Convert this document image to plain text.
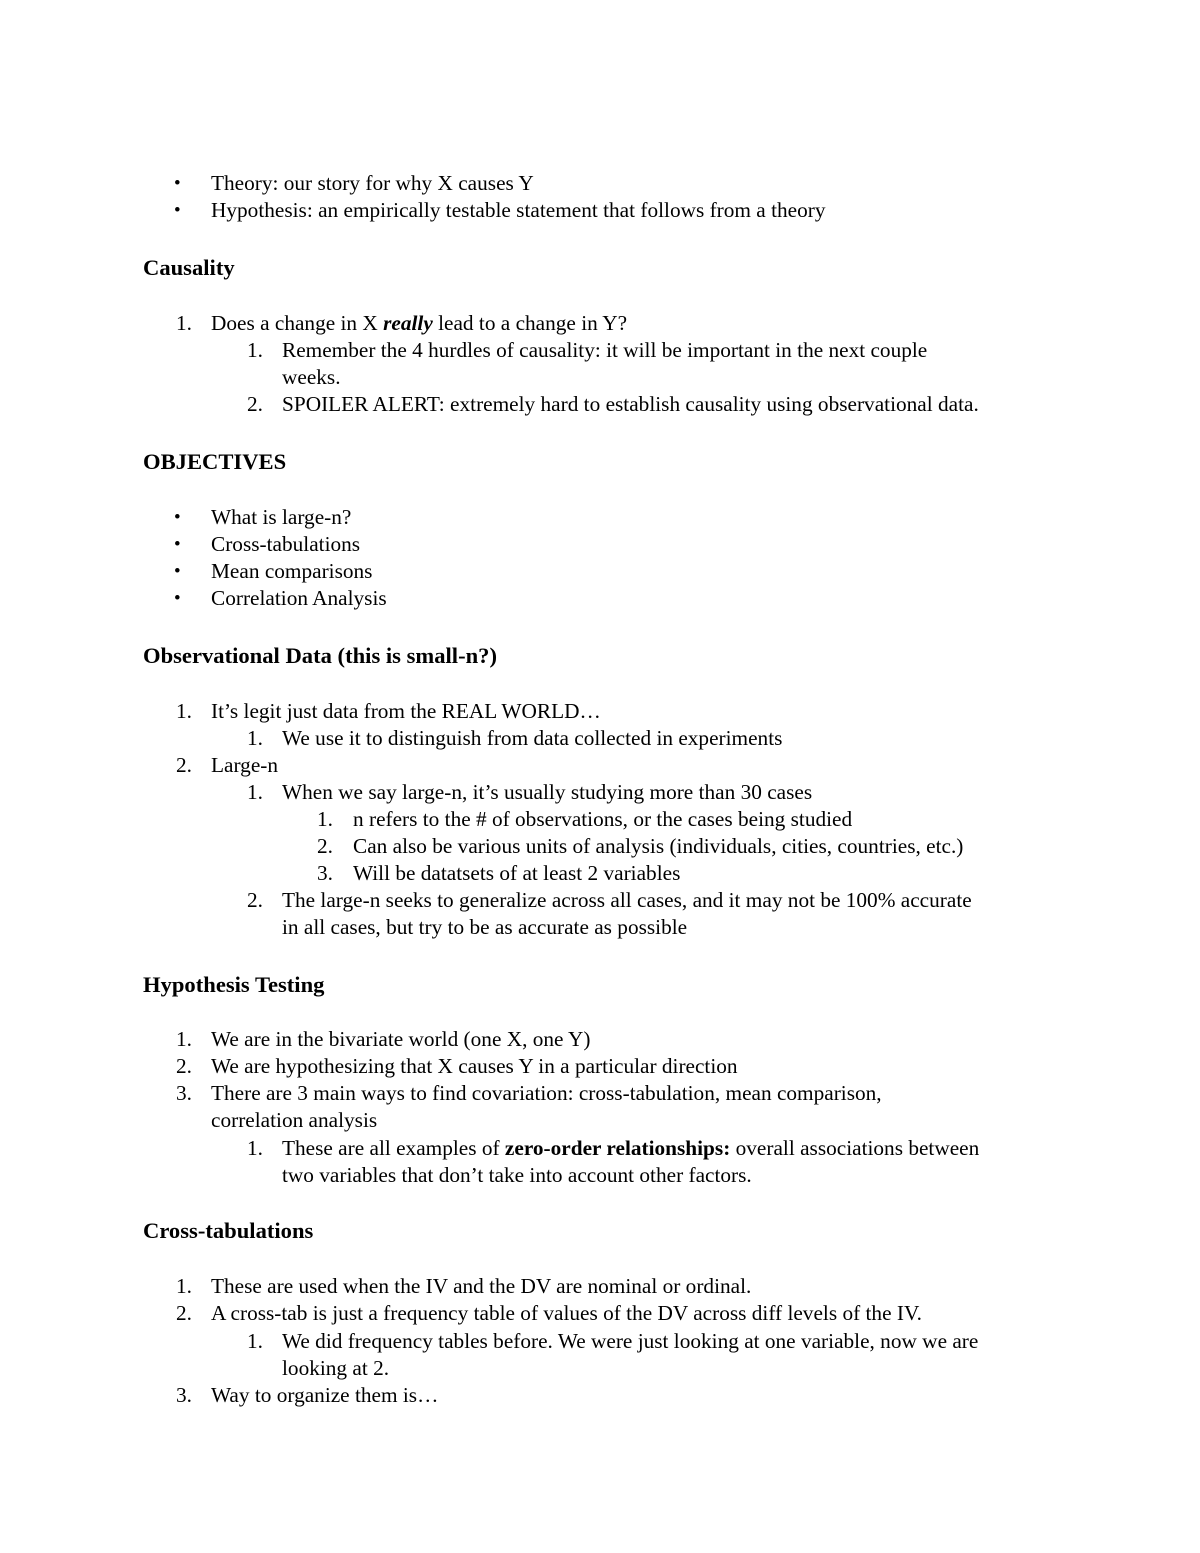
• Theory: our story for why X causes Y
• Hypothesis: an empirically testable statement that follows from a theory
Causality
1. Does a change in X really lead to a change in Y?
1. Remember the 4 hurdles of causality: it will be important in the next couple
weeks.
2. SPOILER ALERT: extremely hard to establish causality using observational data.
OBJECTIVES
• What is large-n?
• Cross-tabulations
• Mean comparisons
• Correlation Analysis
Observational Data (this is small-n?)
1. It’s legit just data from the REAL WORLD…
1. We use it to distinguish from data collected in experiments
2. Large-n
1. When we say large-n, it’s usually studying more than 30 cases
1. n refers to the # of observations, or the cases being studied
2. Can also be various units of analysis (individuals, cities, countries, etc.)
3. Will be datatsets of at least 2 variables
2. The large-n seeks to generalize across all cases, and it may not be 100% accurate
in all cases, but try to be as accurate as possible
Hypothesis Testing
1. We are in the bivariate world (one X, one Y)
2. We are hypothesizing that X causes Y in a particular direction
3. There are 3 main ways to find covariation: cross-tabulation, mean comparison,
correlation analysis
1. These are all examples of zero-order relationships: overall associations between
two variables that don’t take into account other factors.
Cross-tabulations
1. These are used when the IV and the DV are nominal or ordinal.
2. A cross-tab is just a frequency table of values of the DV across diff levels of the IV.
1. We did frequency tables before. We were just looking at one variable, now we are
looking at 2.
3. Way to organize them is…
